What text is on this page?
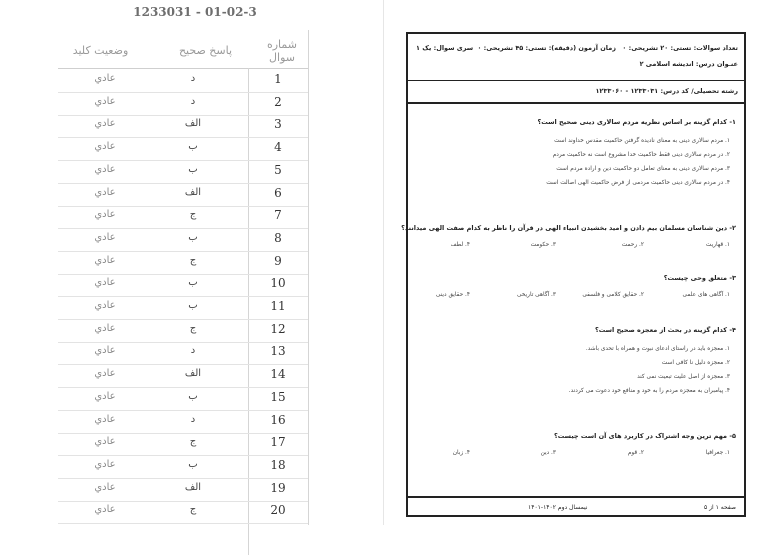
1233031 - 01-02-3
شماره سوال
پاسخ صحیح
وضعیت کلید
1
د
عادي
2
د
عادي
3
الف
عادي
4
ب
عادي
5
ب
عادي
6
الف
عادي
7
ج
عادي
8
ب
عادي
9
ج
عادي
10
ب
عادي
11
ب
عادي
12
ج
عادي
13
د
عادي
14
الف
عادي
15
ب
عادي
16
د
عادي
17
ج
عادي
18
ب
عادي
19
الف
عادي
20
ج
عادي
تعداد سوالات: تستی: ۲۰ تشریحی: ۰
زمان آزمون (دقیقه): تستی: ۴۵ تشریحی: ۰
سری سوال: یک ۱
عنـوان درس: اندیشه اسلامی ۲
رشته تحصیلی/ کد درس: ۱۲۳۳۰۳۱ - ۱۲۳۳۰۶۰
۱- کدام گزینه بر اساس نظریه مردم سالاری دینی صحیح است؟
۱. مردم سالاری دینی به معنای نادیده گرفتن حاکمیت مقدس خداوند است
۲. در مردم سالاری دینی فقط حاکمیت خدا مشروع است نه حاکمیت مردم
۳. مردم سالاری دینی به معنای تعامل دو حاکمیت دین و اراده مردم است
۴. در مردم سالاری دینی حاکمیت مردمی از فرض حاکمیت الهی اصالت است
۲- دین شناسان مسلمان بیم دادن و امید بخشیدن انبیاء الهی در قرآن را ناظر به کدام صفت الهی میدانند؟
۱. قهاریت
۲. رحمت
۳. حکومت
۴. لطف
۳- متعلق وحی چیست؟
۱. آگاهی های علمی
۲. حقایق کلامی و فلسفی
۳. آگاهی تاریخی
۴. حقایق دینی
۴- کدام گزینه در بحث از معجزه صحیح است؟
۱. معجزه باید در راستای ادعای نبوت و همراه با تحدی باشد.
۲. معجزه دلیل نا کافی است
۳. معجزه از اصل علیت تبعیت نمی کند
۴. پیامبران به معجزه مردم را به خود و منافع خود دعوت می کردند.
۵- مهم ترین وجه اشتراک در کاربرد های آن است چیست؟
۱. جغرافیا
۲. قوم
۳. دین
۴. زبان
نیمسال دوم ۱۴۰۲-۱۴۰۱	صفحه ۱ از ۵
